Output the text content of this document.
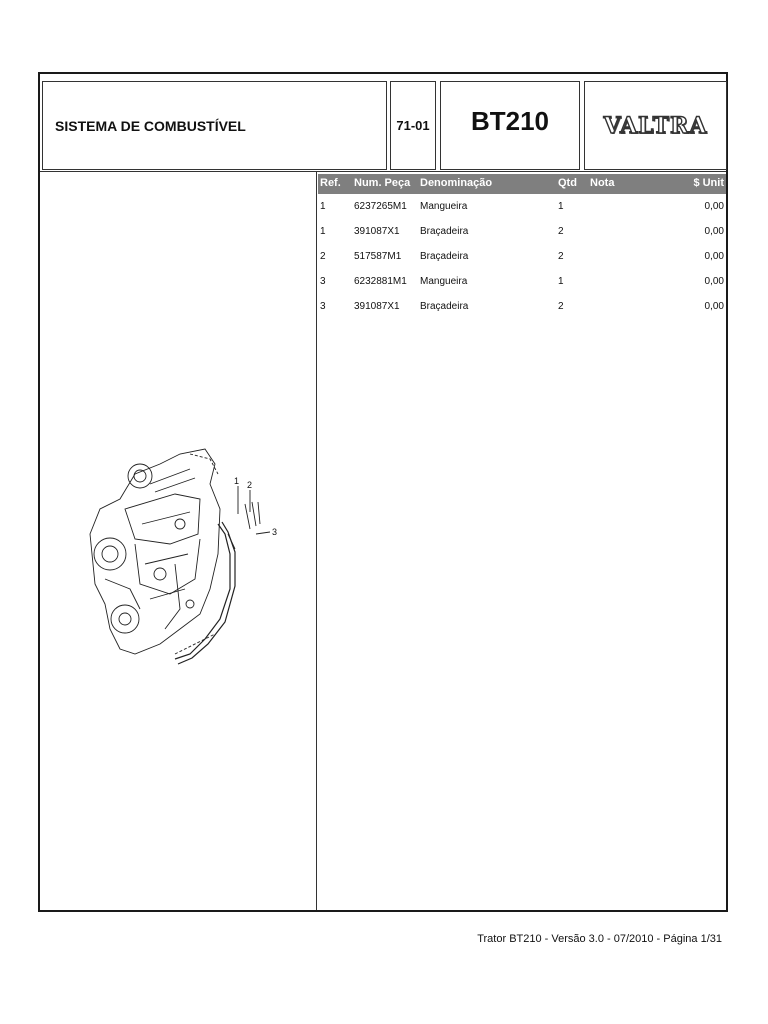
SISTEMA DE COMBUSTÍVEL	71-01 BT210 VALTRA
1 2
3
Ref. Num. Peça Denominação	Qtd Nota	$ Unit
1	6237265M1 Mangueira	1	0,00
1	391087X1 Braçadeira	2	0,00
2	517587M1 Braçadeira	2	0,00
3	6232881M1 Mangueira	1	0,00
3	391087X1 Braçadeira	2	0,00
Trator BT210 - Versão 3.0 - 07/2010 - Página 1/31
